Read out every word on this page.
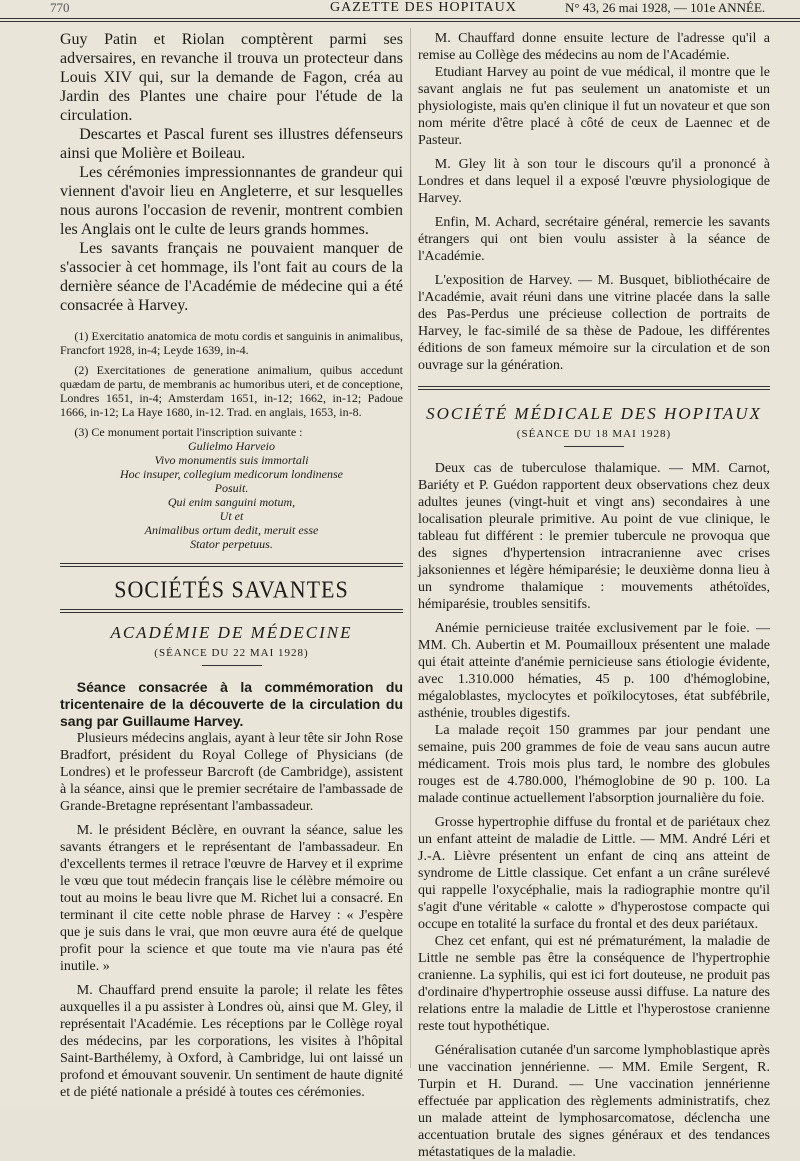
770	GAZETTE DES HOPITAUX	N° 43, 26 mai 1928, — 101e ANNÉE.

Guy Patin et Riolan comptèrent parmi ses adversaires, en revanche il trouva un protecteur dans Louis XIV qui, sur la demande de Fagon, créa au Jardin des Plantes une chaire pour l'étude de la circulation.

Descartes et Pascal furent ses illustres défenseurs ainsi que Molière et Boileau.

Les cérémonies impressionnantes de grandeur qui viennent d'avoir lieu en Angleterre, et sur lesquelles nous aurons l'occasion de revenir, montrent combien les Anglais ont le culte de leurs grands hommes.

Les savants français ne pouvaient manquer de s'associer à cet hommage, ils l'ont fait au cours de la dernière séance de l'Académie de médecine qui a été consacrée à Harvey.

(1) Exercitatio anatomica de motu cordis et sanguinis in animalibus, Francfort 1928, in-4; Leyde 1639, in-4.

(2) Exercitationes de generatione animalium, quibus accedunt quædam de partu, de membranis ac humoribus uteri, et de conceptione, Londres 1651, in-4; Amsterdam 1651, in-12; 1662, in-12; Padoue 1666, in-12; La Haye 1680, in-12. Trad. en anglais, 1653, in-8.

(3) Ce monument portait l'inscription suivante :

Gulielmo Harveio
Vivo monumentis suis immortali
Hoc insuper, collegium medicorum londinense
Posuit.
Qui enim sanguini motum,
Ut et
Animalibus ortum dedit, meruit esse
Stator perpetuus.
SOCIÉTÉS SAVANTES
ACADÉMIE DE MÉDECINE
(SÉANCE DU 22 MAI 1928)

Séance consacrée à la commémoration du tricentenaire de la découverte de la circulation du sang par Guillaume Harvey.

Plusieurs médecins anglais, ayant à leur tête sir John Rose Bradfort, président du Royal College of Physicians (de Londres) et le professeur Barcroft (de Cambridge), assistent à la séance, ainsi que le premier secrétaire de l'ambassade de Grande-Bretagne représentant l'ambassadeur.

M. le président Béclère, en ouvrant la séance, salue les savants étrangers et le représentant de l'ambassadeur. En d'excellents termes il retrace l'œuvre de Harvey et il exprime le vœu que tout médecin français lise le célèbre mémoire ou tout au moins le beau livre que M. Richet lui a consacré. En terminant il cite cette noble phrase de Harvey : « J'espère que je suis dans le vrai, que mon œuvre aura été de quelque profit pour la science et que toute ma vie n'aura pas été inutile. »

M. Chauffard prend ensuite la parole; il relate les fêtes auxquelles il a pu assister à Londres où, ainsi que M. Gley, il représentait l'Académie. Les réceptions par le Collège royal des médecins, par les corporations, les visites à l'hôpital Saint-Barthélemy, à Oxford, à Cambridge, lui ont laissé un profond et émouvant souvenir. Un sentiment de haute dignité et de piété nationale a présidé à toutes ces cérémonies.

M. Chauffard donne ensuite lecture de l'adresse qu'il a remise au Collège des médecins au nom de l'Académie.

Etudiant Harvey au point de vue médical, il montre que le savant anglais ne fut pas seulement un anatomiste et un physiologiste, mais qu'en clinique il fut un novateur et que son nom mérite d'être placé à côté de ceux de Laennec et de Pasteur.

M. Gley lit à son tour le discours qu'il a prononcé à Londres et dans lequel il a exposé l'œuvre physiologique de Harvey.

Enfin, M. Achard, secrétaire général, remercie les savants étrangers qui ont bien voulu assister à la séance de l'Académie.

L'exposition de Harvey. — M. Busquet, bibliothécaire de l'Académie, avait réuni dans une vitrine placée dans la salle des Pas-Perdus une précieuse collection de portraits de Harvey, le fac-similé de sa thèse de Padoue, les différentes éditions de son fameux mémoire sur la circulation et de son ouvrage sur la génération.

SOCIÉTÉ MÉDICALE DES HOPITAUX
(SÉANCE DU 18 MAI 1928)

Deux cas de tuberculose thalamique. — MM. Carnot, Bariéty et P. Guédon rapportent deux observations chez deux adultes jeunes (vingt-huit et vingt ans) secondaires à une localisation pleurale primitive. Au point de vue clinique, le tableau fut différent : le premier tubercule ne provoqua que des signes d'hypertension intracranienne avec crises jaksoniennes et légère hémiparésie; le deuxième donna lieu à un syndrome thalamique : mouvements athétoïdes, hémiparésie, troubles sensitifs.

Anémie pernicieuse traitée exclusivement par le foie. — MM. Ch. Aubertin et M. Poumailloux présentent une malade qui était atteinte d'anémie pernicieuse sans étiologie évidente, avec 1.310.000 hématies, 45 p. 100 d'hémoglobine, mégaloblastes, myclocytes et poïkilocytoses, état subfébrile, asthénie, troubles digestifs.

La malade reçoit 150 grammes par jour pendant une semaine, puis 200 grammes de foie de veau sans aucun autre médicament. Trois mois plus tard, le nombre des globules rouges est de 4.780.000, l'hémoglobine de 90 p. 100. La malade continue actuellement l'absorption journalière du foie.

Grosse hypertrophie diffuse du frontal et de pariétaux chez un enfant atteint de maladie de Little. — MM. André Léri et J.-A. Lièvre présentent un enfant de cinq ans atteint de syndrome de Little classique. Cet enfant a un crâne surélevé qui rappelle l'oxycéphalie, mais la radiographie montre qu'il s'agit d'une véritable « calotte » d'hyperostose compacte qui occupe en totalité la surface du frontal et des deux pariétaux.

Chez cet enfant, qui est né prématurément, la maladie de Little ne semble pas être la conséquence de l'hypertrophie cranienne. La syphilis, qui est ici fort douteuse, ne produit pas d'ordinaire d'hypertrophie osseuse aussi diffuse. La nature des relations entre la maladie de Little et l'hyperostose cranienne reste tout hypothétique.

Généralisation cutanée d'un sarcome lymphoblastique après une vaccination jennérienne. — MM. Emile Sergent, R. Turpin et H. Durand. — Une vaccination jennérienne effectuée par application des règlements administratifs, chez un malade atteint de lymphosarcomatose, déclencha une accentuation brutale des signes généraux et des tendances métastatiques de la maladie.
